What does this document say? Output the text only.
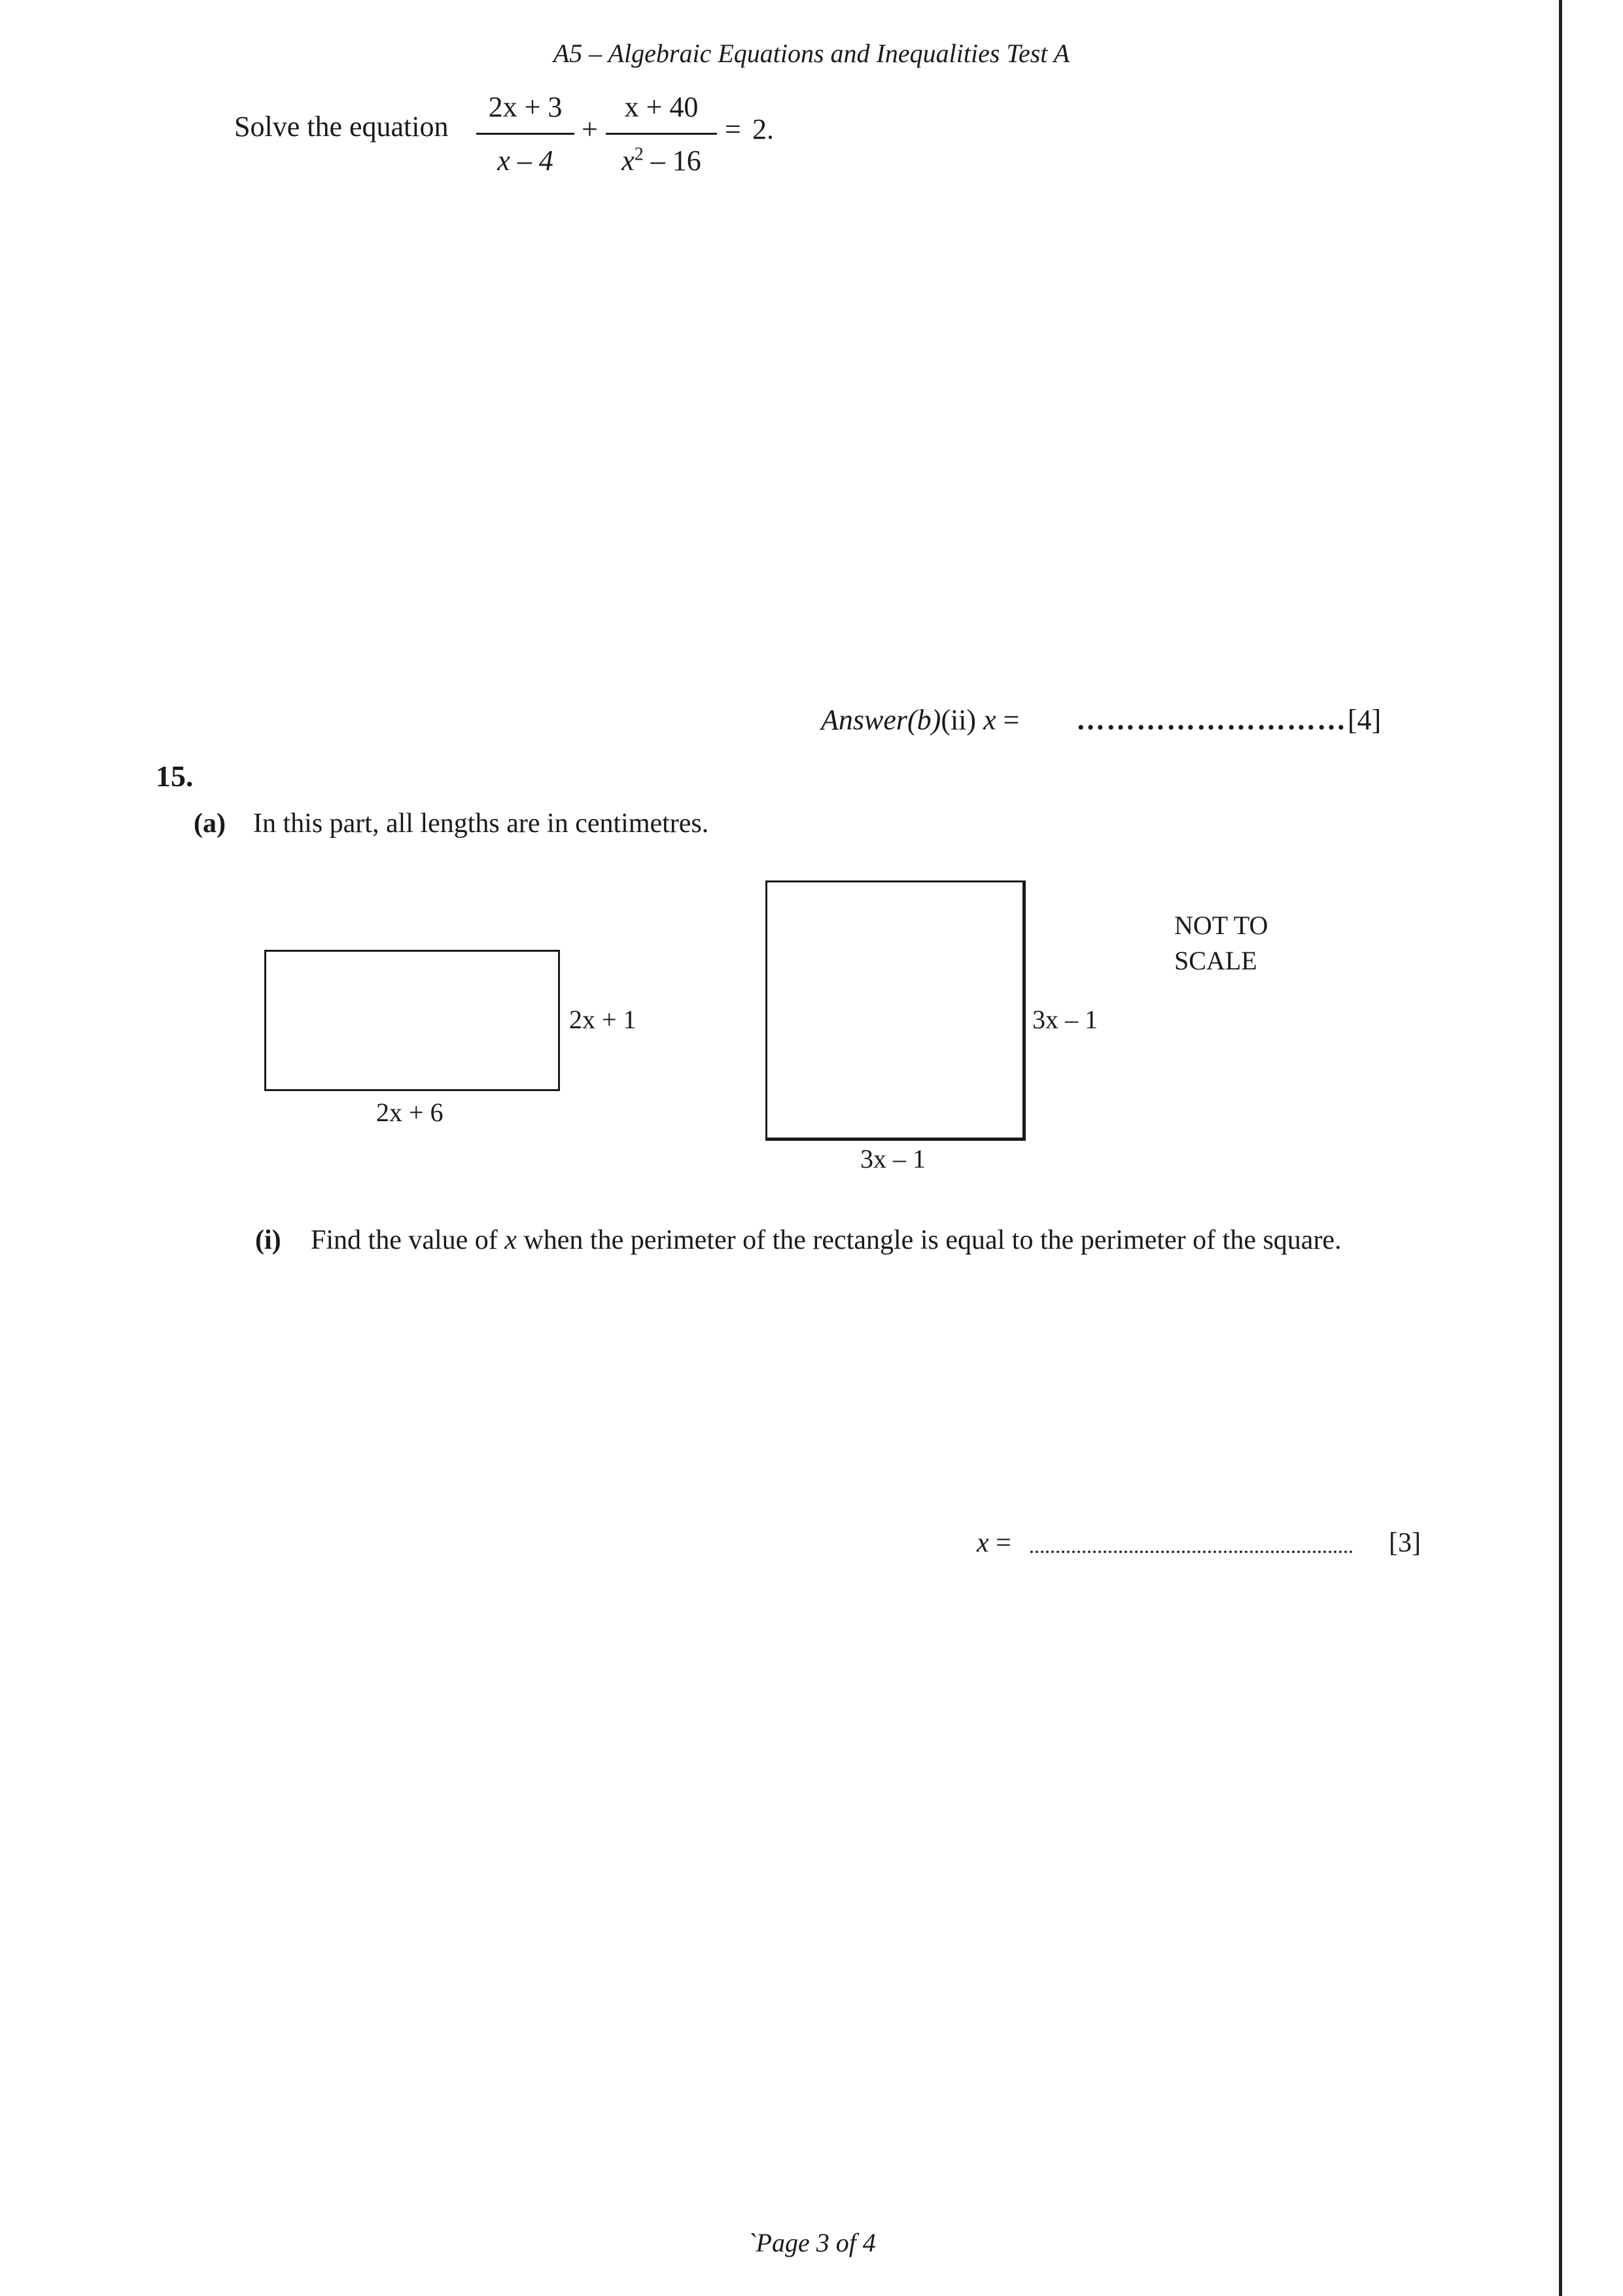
A5 – Algebraic Equations and Inequalities Test A
Solve the equation
2x + 3
x – 4
+
x + 40
$x^2 - 16$
= 2.
Answer(b)(ii) x = ……………………… [4]
15.
(a) In this part, all lengths are in centimetres.
2x + 1
2x + 6
3x – 1
3x – 1
NOT TO
SCALE
(i) Find the value of x when the perimeter of the rectangle is equal to the perimeter of the square.
x = .............................................................. [3]
`Page 3 of 4
